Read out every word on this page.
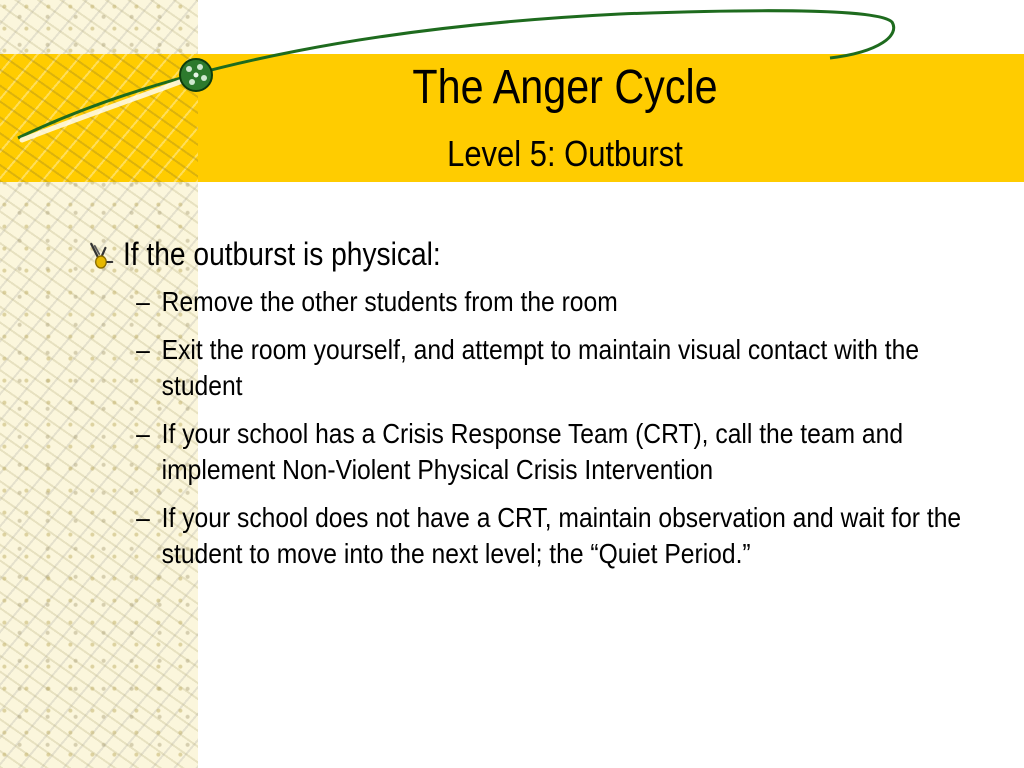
The Anger Cycle
Level 5: Outburst
If the outburst is physical:
– Remove the other students from the room
– Exit the room yourself, and attempt to maintain visual contact with the student
– If your school has a Crisis Response Team (CRT), call the team and implement Non-Violent Physical Crisis Intervention
– If your school does not have a CRT, maintain observation and wait for the student to move into the next level; the “Quiet Period.”
